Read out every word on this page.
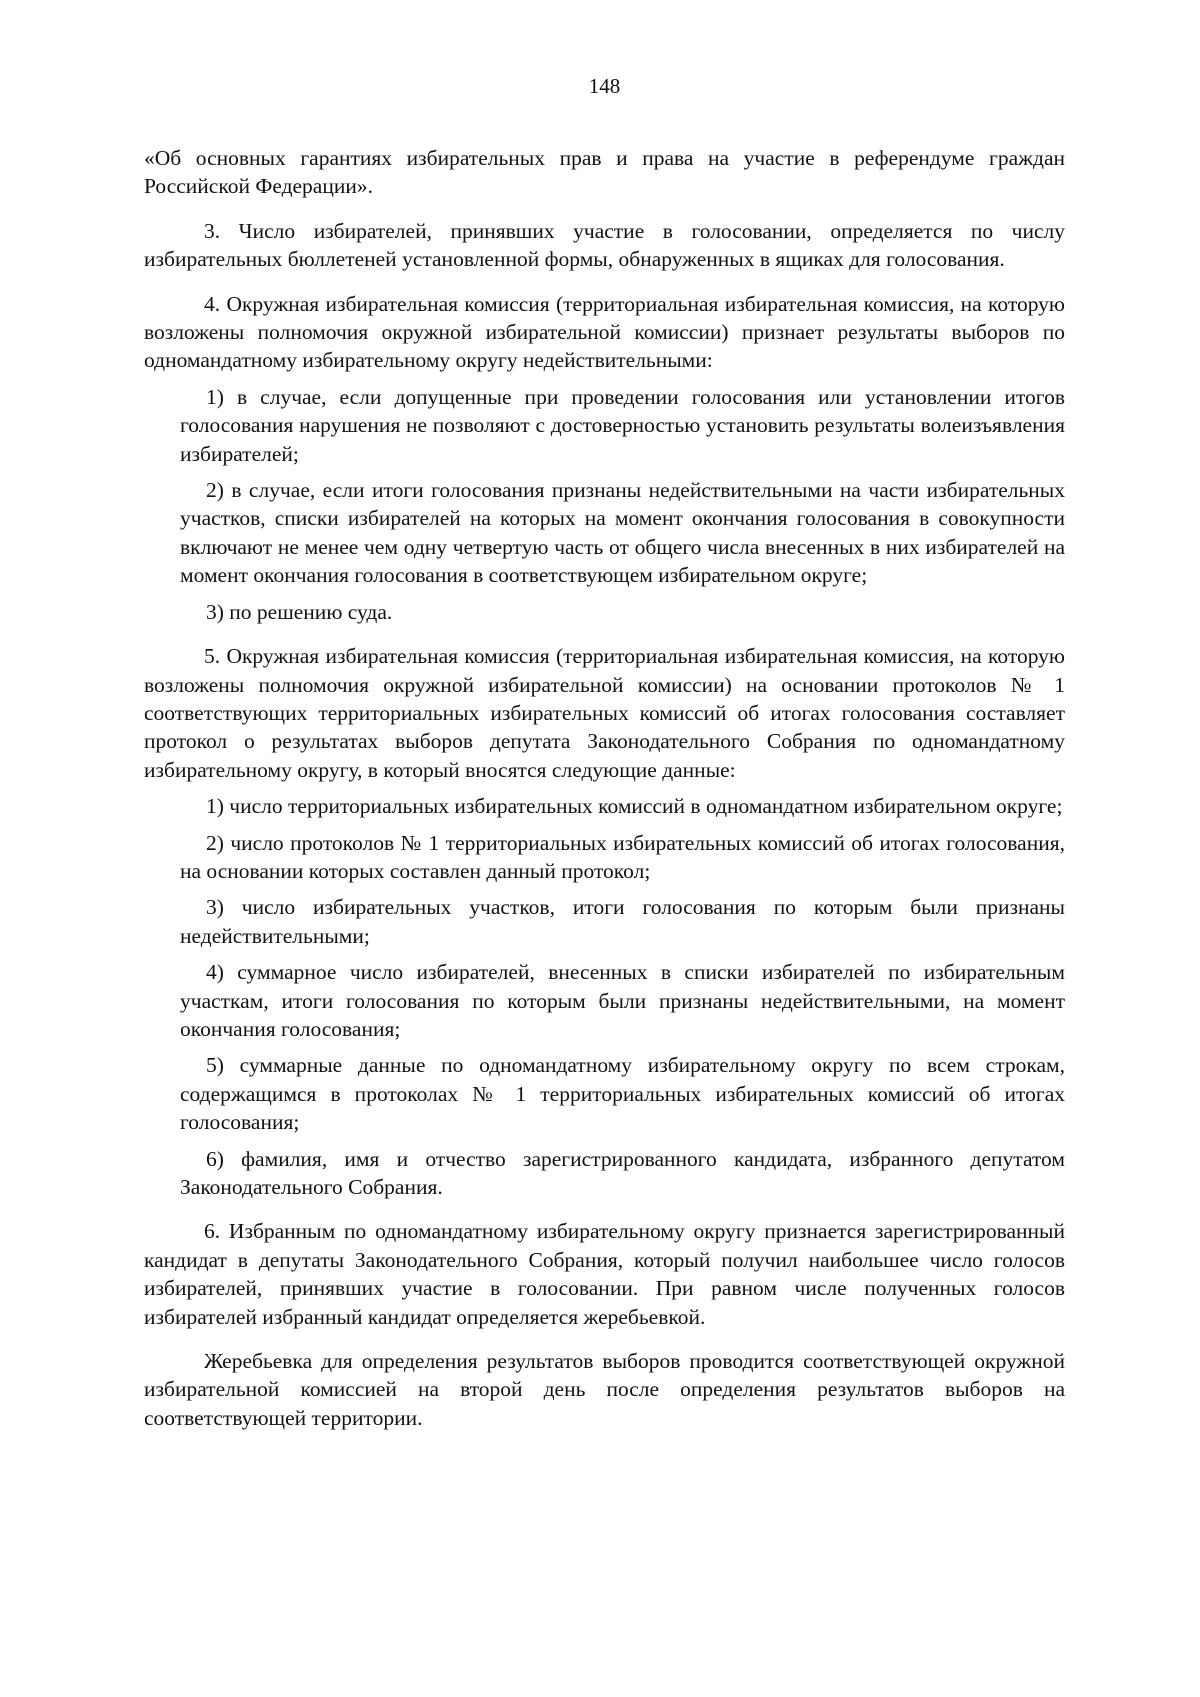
148

«Об основных гарантиях избирательных прав и права на участие в референдуме граждан Российской Федерации».

3. Число избирателей, принявших участие в голосовании, определяется по числу избирательных бюллетеней установленной формы, обнаруженных в ящиках для голосования.

4. Окружная избирательная комиссия (территориальная избирательная комиссия, на которую возложены полномочия окружной избирательной комиссии) признает результаты выборов по одномандатному избирательному округу недействительными:

1) в случае, если допущенные при проведении голосования или установлении итогов голосования нарушения не позволяют с достоверностью установить результаты волеизъявления избирателей;

2) в случае, если итоги голосования признаны недействительными на части избирательных участков, списки избирателей на которых на момент окончания голосования в совокупности включают не менее чем одну четвертую часть от общего числа внесенных в них избирателей на момент окончания голосования в соответствующем избирательном округе;

3) по решению суда.

5. Окружная избирательная комиссия (территориальная избирательная комиссия, на которую возложены полномочия окружной избирательной комиссии) на основании протоколов № 1 соответствующих территориальных избирательных комиссий об итогах голосования составляет протокол о результатах выборов депутата Законодательного Собрания по одномандатному избирательному округу, в который вносятся следующие данные:

1) число территориальных избирательных комиссий в одномандатном избирательном округе;

2) число протоколов № 1 территориальных избирательных комиссий об итогах голосования, на основании которых составлен данный протокол;

3) число избирательных участков, итоги голосования по которым были признаны недействительными;

4) суммарное число избирателей, внесенных в списки избирателей по избирательным участкам, итоги голосования по которым были признаны недействительными, на момент окончания голосования;

5) суммарные данные по одномандатному избирательному округу по всем строкам, содержащимся в протоколах № 1 территориальных избирательных комиссий об итогах голосования;

6) фамилия, имя и отчество зарегистрированного кандидата, избранного депутатом Законодательного Собрания.

6. Избранным по одномандатному избирательному округу признается зарегистрированный кандидат в депутаты Законодательного Собрания, который получил наибольшее число голосов избирателей, принявших участие в голосовании. При равном числе полученных голосов избирателей избранный кандидат определяется жеребьевкой.

Жеребьевка для определения результатов выборов проводится соответствующей окружной избирательной комиссией на второй день после определения результатов выборов на соответствующей территории.
